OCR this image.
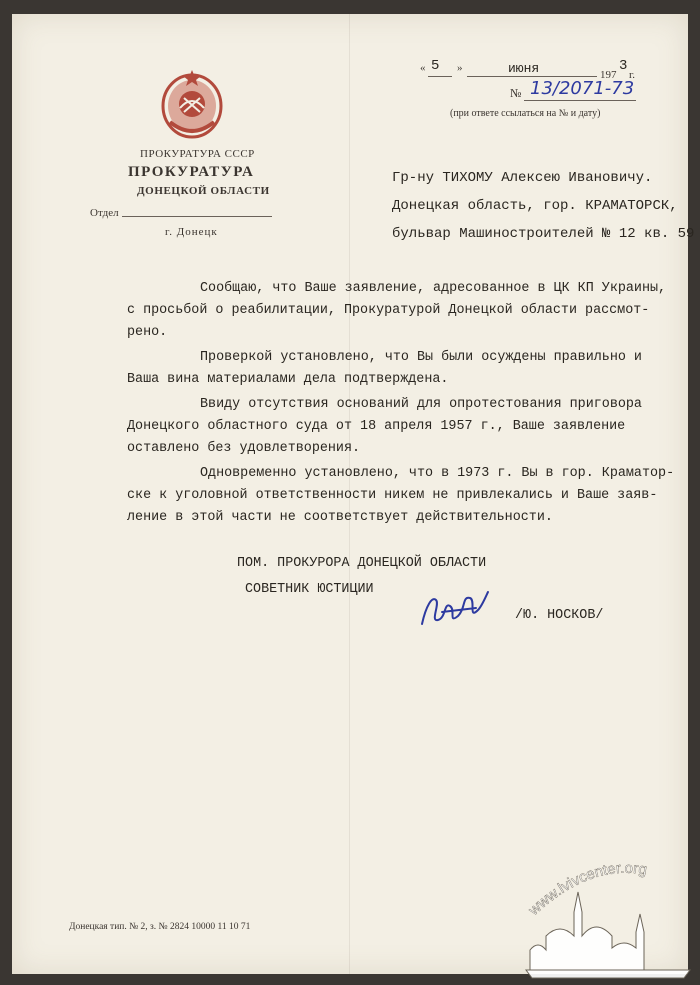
ПРОКУРАТУРА СССР
ПРОКУРАТУРА
ДОНЕЦКОЙ ОБЛАСТИ
Отдел
г. Донецк
« 5 »	июня	197
3
г.
№ 13/2071-73
(при ответе ссылаться на № и дату)
Гр-ну ТИХОМУ Алексею Ивановичу.
Донецкая область, гор. КРАМАТОРСК,
бульвар Машиностроителей № 12 кв. 59
Сообщаю, что Ваше заявление, адресованное в ЦК КП Украины,
с просьбой о реабилитации, Прокуратурой Донецкой области рассмот-
рено.
Проверкой установлено, что Вы были осуждены правильно и
Ваша вина материалами дела подтверждена.
Ввиду отсутствия оснований для опротестования приговора
Донецкого областного суда от 18 апреля 1957 г., Ваше заявление
оставлено без удовлетворения.
Одновременно установлено, что в 1973 г. Вы в гор. Краматор-
ске к уголовной ответственности никем не привлекались и Ваше заяв-
ление в этой части не соответствует действительности.
ПОМ. ПРОКУРОРА ДОНЕЦКОЙ ОБЛАСТИ
СОВЕТНИК ЮСТИЦИИ
/Ю. НОСКОВ/
Донецкая тип. № 2, з. № 2824 10000 11 10 71
www.lvivcenter.org
